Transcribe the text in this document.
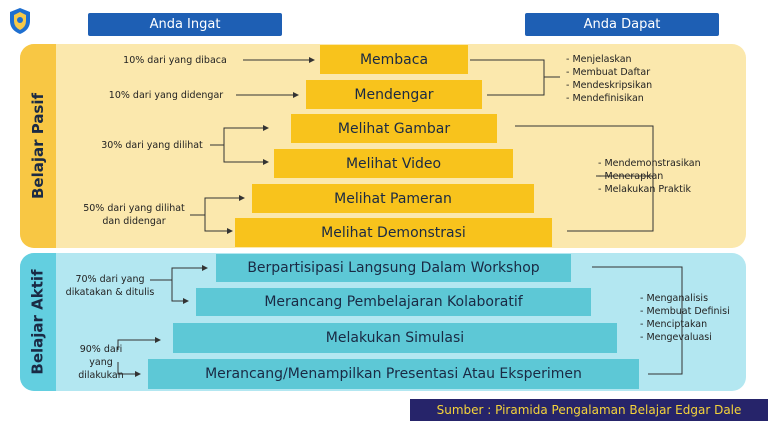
Anda Ingat	Anda Dapat
Belajar Pasif
Belajar Aktif
Membaca
Mendengar
Melihat Gambar
Melihat Video
Melihat Pameran
Melihat Demonstrasi
Berpartisipasi Langsung Dalam Workshop
Merancang Pembelajaran Kolaboratif
Melakukan Simulasi
Merancang/Menampilkan Presentasi Atau Eksperimen
10% dari yang dibaca
10% dari yang didengar
30% dari yang dilihat
50% dari yang dilihat dan didengar
70% dari yang dikatakan & ditulis
90% dari yang dilakukan
- Menjelaskan
- Membuat Daftar
- Mendeskripsikan
- Mendefinisikan
- Mendemonstrasikan
- Menerapkan
- Melakukan Praktik
- Menganalisis
- Membuat Definisi
- Menciptakan
- Mengevaluasi
Sumber : Piramida Pengalaman Belajar Edgar Dale
